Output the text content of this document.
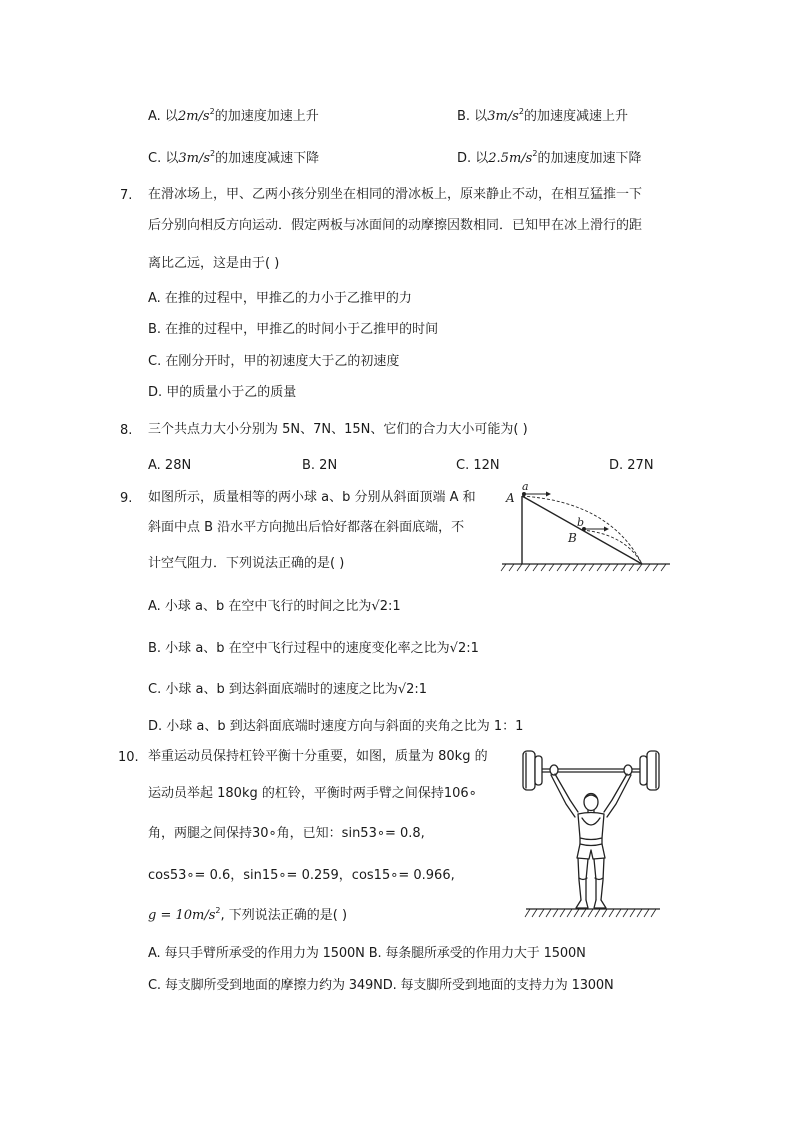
A. 以$2m/s^2$的加速度加速上升	B. 以$3m/s^2$的加速度减速上升
C. 以$3m/s^2$的加速度减速下降	D. 以$2.5m/s^2$的加速度加速下降
7. 在滑冰场上，甲、乙两小孩分别坐在相同的滑冰板上，原来静止不动，在相互猛推一下
后分别向相反方向运动．假定两板与冰面间的动摩擦因数相同．已知甲在冰上滑行的距
离比乙远，这是由于( )
A. 在推的过程中，甲推乙的力小于乙推甲的力
B. 在推的过程中，甲推乙的时间小于乙推甲的时间
C. 在刚分开时，甲的初速度大于乙的初速度
D. 甲的质量小于乙的质量
8. 三个共点力大小分别为 5N、7N、15N、它们的合力大小可能为( )
A. 28N	B. 2N	C. 12N	D. 27N
9. 如图所示，质量相等的两小球 a、b 分别从斜面顶端 A 和
斜面中点 B 沿水平方向抛出后恰好都落在斜面底端，不
计空气阻力．下列说法正确的是( )
A
a
B
b
A. 小球 a、b 在空中飞行的时间之比为√2:1
B. 小球 a、b 在空中飞行过程中的速度变化率之比为√2:1
C. 小球 a、b 到达斜面底端时的速度之比为√2:1
D. 小球 a、b 到达斜面底端时速度方向与斜面的夹角之比为 1：1
10. 举重运动员保持杠铃平衡十分重要，如图，质量为 80kg 的
运动员举起 180kg 的杠铃，平衡时两手臂之间保持106∘
角，两腿之间保持30∘角，已知：sin53∘= 0.8,
cos53∘= 0.6，sin15∘= 0.259，cos15∘= 0.966,
$g = 10m/s^2$, 下列说法正确的是( )
A. 每只手臂所承受的作用力为 1500N B. 每条腿所承受的作用力大于 1500N
C. 每支脚所受到地面的摩擦力约为 349ND. 每支脚所受到地面的支持力为 1300N
